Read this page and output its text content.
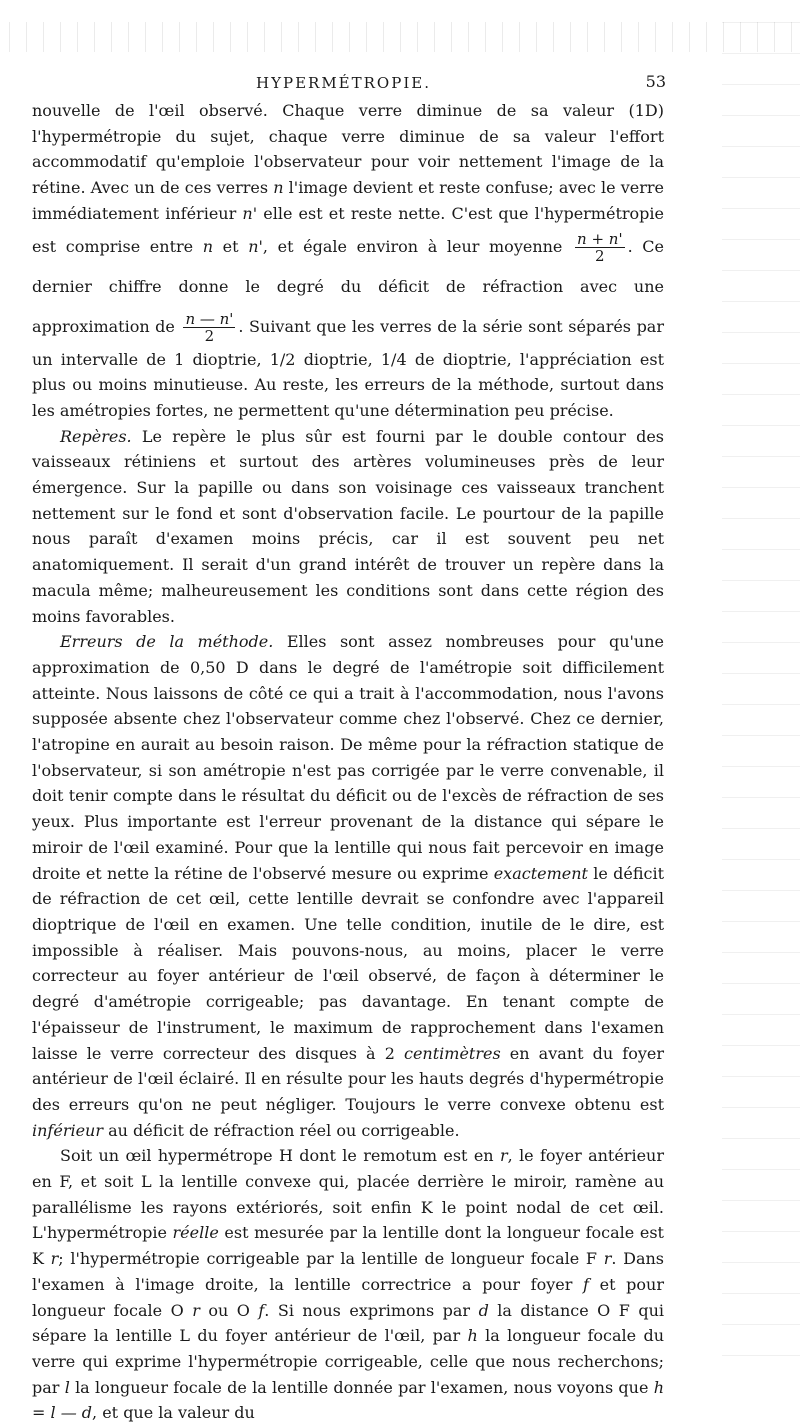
HYPERMÉTROPIE.	53

nouvelle de l'œil observé. Chaque verre diminue de sa valeur (1D) l'hypermétropie du sujet, chaque verre diminue de sa valeur l'effort accommodatif qu'emploie l'observateur pour voir nettement l'image de la rétine. Avec un de ces verres n l'image devient et reste confuse; avec le verre immédiatement inférieur n' elle est et reste nette. C'est que l'hypermétropie est comprise entre n et n', et égale environ à leur moyenne $\frac{n + n'}{2}$ . Ce dernier chiffre donne le degré du déficit de réfraction avec une approximation de $\frac{n — n'}{2}$ . Suivant que les verres de la série sont séparés par un intervalle de 1 dioptrie, 1/2 dioptrie, 1/4 de dioptrie, l'appréciation est plus ou moins minutieuse. Au reste, les erreurs de la méthode, surtout dans les amétropies fortes, ne permettent qu'une détermination peu précise.

Repères. Le repère le plus sûr est fourni par le double contour des vaisseaux rétiniens et surtout des artères volumineuses près de leur émergence. Sur la papille ou dans son voisinage ces vaisseaux tranchent nettement sur le fond et sont d'observation facile. Le pourtour de la papille nous paraît d'examen moins précis, car il est souvent peu net anatomiquement. Il serait d'un grand intérêt de trouver un repère dans la macula même; malheureusement les conditions sont dans cette région des moins favorables.

Erreurs de la méthode. Elles sont assez nombreuses pour qu'une approximation de 0,50 D dans le degré de l'amétropie soit difficilement atteinte. Nous laissons de côté ce qui a trait à l'accommodation, nous l'avons supposée absente chez l'observateur comme chez l'observé. Chez ce dernier, l'atropine en aurait au besoin raison. De même pour la réfraction statique de l'observateur, si son amétropie n'est pas corrigée par le verre convenable, il doit tenir compte dans le résultat du déficit ou de l'excès de réfraction de ses yeux. Plus importante est l'erreur provenant de la distance qui sépare le miroir de l'œil examiné. Pour que la lentille qui nous fait percevoir en image droite et nette la rétine de l'observé mesure ou exprime exactement le déficit de réfraction de cet œil, cette lentille devrait se confondre avec l'appareil dioptrique de l'œil en examen. Une telle condition, inutile de le dire, est impossible à réaliser. Mais pouvons-nous, au moins, placer le verre correcteur au foyer antérieur de l'œil observé, de façon à déterminer le degré d'amétropie corrigeable; pas davantage. En tenant compte de l'épaisseur de l'instrument, le maximum de rapprochement dans l'examen laisse le verre correcteur des disques à 2 centimètres en avant du foyer antérieur de l'œil éclairé. Il en résulte pour les hauts degrés d'hypermétropie des erreurs qu'on ne peut négliger. Toujours le verre convexe obtenu est inférieur au déficit de réfraction réel ou corrigeable.

Soit un œil hypermétrope H dont le remotum est en r, le foyer antérieur en F, et soit L la lentille convexe qui, placée derrière le miroir, ramène au parallélisme les rayons extériorés, soit enfin K le point nodal de cet œil. L'hypermétropie réelle est mesurée par la lentille dont la longueur focale est K r; l'hypermétropie corrigeable par la lentille de longueur focale F r. Dans l'examen à l'image droite, la lentille correctrice a pour foyer f et pour longueur focale O r ou O f. Si nous exprimons par d la distance O F qui sépare la lentille L du foyer antérieur de l'œil, par h la longueur focale du verre qui exprime l'hypermétropie corrigeable, celle que nous recherchons; par l la longueur focale de la lentille donnée par l'examen, nous voyons que h = l — d, et que la valeur du
